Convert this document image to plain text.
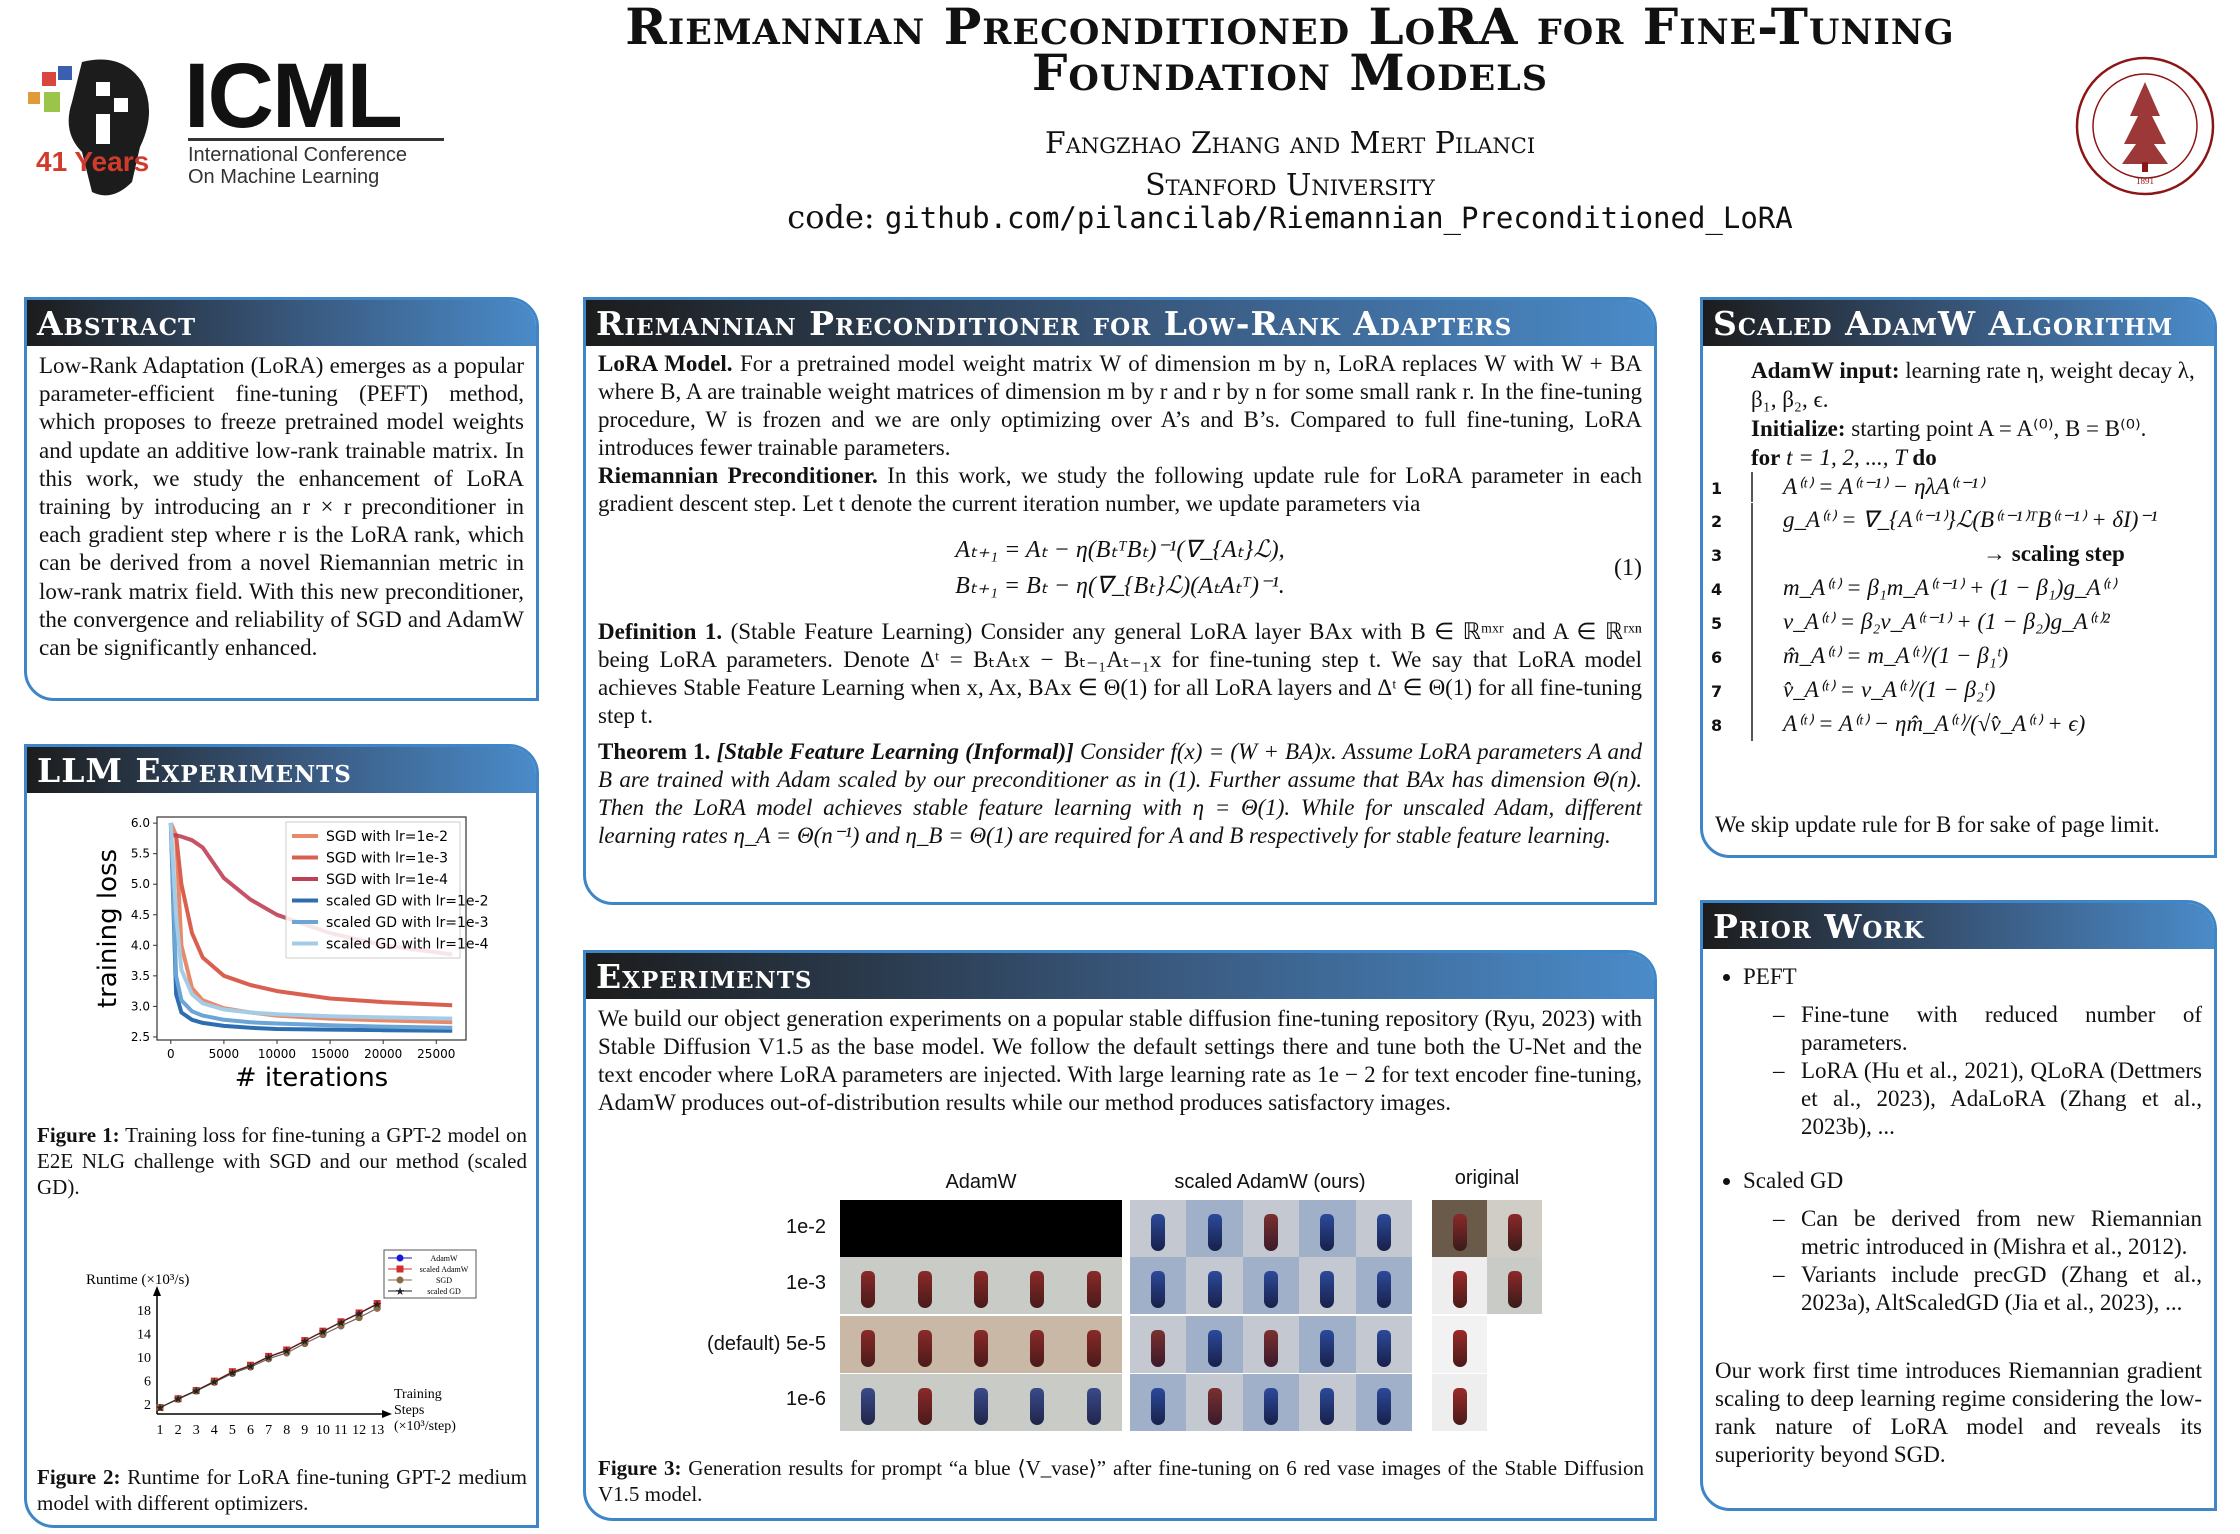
41 Years
ICML
International Conference
On Machine Learning
Riemannian Preconditioned LoRA for Fine-Tuning
Foundation Models
Fangzhao Zhang and Mert Pilanci
Stanford University
code: github.com/pilancilab/Riemannian_Preconditioned_LoRA
1891
Abstract
Low-Rank Adaptation (LoRA) emerges as a popular parameter-efficient fine-tuning (PEFT) method, which proposes to freeze pretrained model weights and update an additive low-rank trainable matrix. In this work, we study the enhancement of LoRA training by introducing an r × r preconditioner in each gradient step where r is the LoRA rank, which can be derived from a novel Riemannian metric in low-rank matrix field. With this new preconditioner, the convergence and reliability of SGD and AdamW can be significantly enhanced.
LLM Experiments
2.5
3.0
3.5
4.0
4.5
5.0
5.5
6.0
0	5000 10000 15000 20000 25000
# iterations
training loss
SGD with lr=1e-2
SGD with lr=1e-3
SGD with lr=1e-4
scaled GD with lr=1e-2
scaled GD with lr=1e-3
scaled GD with lr=1e-4
Figure 1: Training loss for fine-tuning a GPT-2 model on E2E NLG challenge with SGD and our method (scaled GD).
2
6
10
14
18
1 2 3 4 5 6 7 8 9 10 11 12 13
Runtime (×10³/s)
Training
Steps
(×10³/step)
★
★
★
★
★
★
★
★
★
★
★
★
★
AdamW
scaled AdamW
SGD
★	scaled GD
Figure 2: Runtime for LoRA fine-tuning GPT-2 medium model with different optimizers.
Riemannian Preconditioner for Low-Rank Adapters

LoRA Model. For a pretrained model weight matrix W of dimension m by n, LoRA replaces W with W + BA where B, A are trainable weight matrices of dimension m by r and r by n for some small rank r. In the fine-tuning procedure, W is frozen and we are only optimizing over A’s and B’s. Compared to full fine-tuning, LoRA introduces fewer trainable parameters.

Riemannian Preconditioner. In this work, we study the following update rule for LoRA parameter in each gradient descent step. Let t denote the current iteration number, we update parameters via

Aₜ₊₁ = Aₜ − η(BₜᵀBₜ)⁻¹(∇_{Aₜ}ℒ),
Bₜ₊₁ = Bₜ − η(∇_{Bₜ}ℒ)(AₜAₜᵀ)⁻¹.
(1)

Definition 1. (Stable Feature Learning) Consider any general LoRA layer BAx with B ∈ ℝᵐˣʳ and A ∈ ℝʳˣⁿ being LoRA parameters. Denote Δᵗ = BₜAₜx − Bₜ₋₁Aₜ₋₁x for fine-tuning step t. We say that LoRA model achieves Stable Feature Learning when x, Ax, BAx ∈ Θ(1) for all LoRA layers and Δᵗ ∈ Θ(1) for all fine-tuning step t.

Theorem 1. [Stable Feature Learning (Informal)] Consider f(x) = (W + BA)x. Assume LoRA parameters A and B are trained with Adam scaled by our preconditioner as in (1). Further assume that BAx has dimension Θ(n). Then the LoRA model achieves stable feature learning with η = Θ(1). While for unscaled Adam, different learning rates η_A = Θ(n⁻¹) and η_B = Θ(1) are required for A and B respectively for stable feature learning.

Experiments
We build our object generation experiments on a popular stable diffusion fine-tuning repository (Ryu, 2023) with Stable Diffusion V1.5 as the base model. We follow the default settings there and tune both the U-Net and the text encoder where LoRA parameters are injected. With large learning rate as 1e − 2 for text encoder fine-tuning, AdamW produces out-of-distribution results while our method produces satisfactory images.
AdamW	scaled AdamW (ours)	original
1e-2
1e-3
(default) 5e-5
1e-6
Figure 3: Generation results for prompt “a blue ⟨V_vase⟩” after fine-tuning on 6 red vase images of the Stable Diffusion V1.5 model.
Scaled AdamW Algorithm
AdamW input: learning rate η, weight decay λ, β₁, β₂, ϵ.
Initialize: starting point A = A⁽⁰⁾, B = B⁽⁰⁾.
for t = 1, 2, ..., T do
1	A⁽ᵗ⁾ = A⁽ᵗ⁻¹⁾ − ηλA⁽ᵗ⁻¹⁾
2	g_A⁽ᵗ⁾ = ∇_{A⁽ᵗ⁻¹⁾}ℒ(B⁽ᵗ⁻¹⁾ᵀB⁽ᵗ⁻¹⁾ + δI)⁻¹
3	→ scaling step
4	m_A⁽ᵗ⁾ = β₁m_A⁽ᵗ⁻¹⁾ + (1 − β₁)g_A⁽ᵗ⁾
5	v_A⁽ᵗ⁾ = β₂v_A⁽ᵗ⁻¹⁾ + (1 − β₂)g_A⁽ᵗ⁾²
6	m̂_A⁽ᵗ⁾ = m_A⁽ᵗ⁾/(1 − β₁ᵗ)
7	v̂_A⁽ᵗ⁾ = v_A⁽ᵗ⁾/(1 − β₂ᵗ)
8	A⁽ᵗ⁾ = A⁽ᵗ⁾ − ηm̂_A⁽ᵗ⁾/(√v̂_A⁽ᵗ⁾ + ϵ)
We skip update rule for B for sake of page limit.
Prior Work
• PEFT
– Fine-tune with reduced number of parameters.
– LoRA (Hu et al., 2021), QLoRA (Dettmers et al., 2023), AdaLoRA (Zhang et al., 2023b), ...
• Scaled GD
– Can be derived from new Riemannian metric introduced in (Mishra et al., 2012).
– Variants include precGD (Zhang et al., 2023a), AltScaledGD (Jia et al., 2023), ...

Our work first time introduces Riemannian gradient scaling to deep learning regime considering the low-rank nature of LoRA model and reveals its superiority beyond SGD.
